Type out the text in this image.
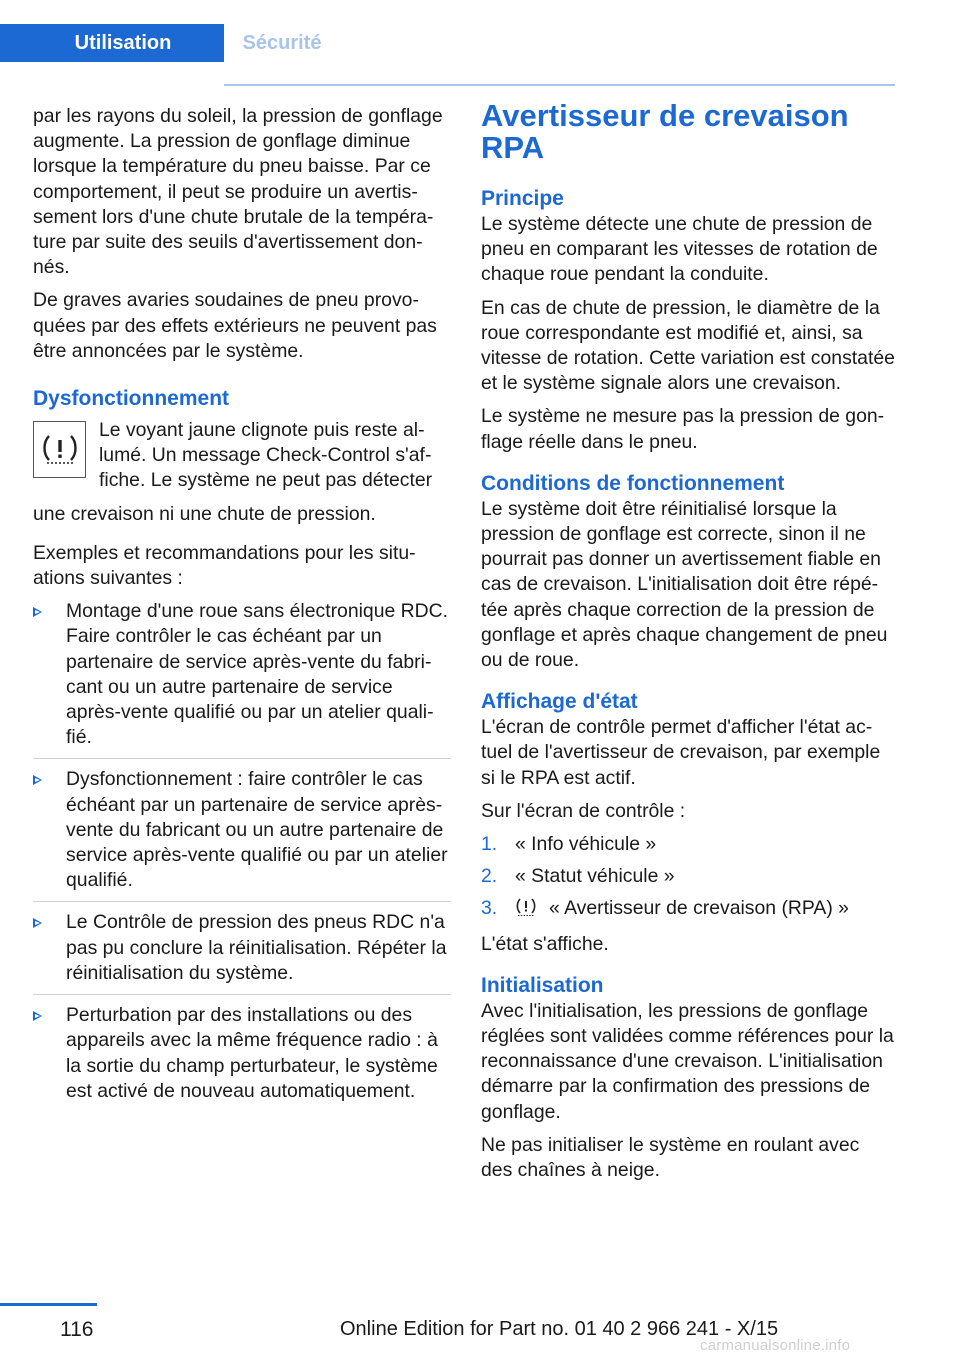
Utilisation	Sécurité

par les rayons du soleil, la pression de gonflage augmente. La pression de gonflage diminue lorsque la température du pneu baisse. Par ce comportement, il peut se produire un avertissement lors d'une chute brutale de la température par suite des seuils d'avertissement donnés.

De graves avaries soudaines de pneu provoquées par des effets extérieurs ne peuvent pas être annoncées par le système.

Dysfonctionnement

Le voyant jaune clignote puis reste allumé. Un message Check-Control s'affiche. Le système ne peut pas détecter

une crevaison ni une chute de pression.

Exemples et recommandations pour les situations suivantes :

Montage d'une roue sans électronique RDC. Faire contrôler le cas échéant par un partenaire de service après-vente du fabricant ou un autre partenaire de service après-vente qualifié ou par un atelier qualifié.
Dysfonctionnement : faire contrôler le cas échéant par un partenaire de service après-vente du fabricant ou un autre partenaire de service après-vente qualifié ou par un atelier qualifié.
Le Contrôle de pression des pneus RDC n'a pas pu conclure la réinitialisation. Répéter la réinitialisation du système.
Perturbation par des installations ou des appareils avec la même fréquence radio : à la sortie du champ perturbateur, le système est activé de nouveau automatiquement.
Avertisseur de crevaison RPA
Principe

Le système détecte une chute de pression de pneu en comparant les vitesses de rotation de chaque roue pendant la conduite.

En cas de chute de pression, le diamètre de la roue correspondante est modifié et, ainsi, sa vitesse de rotation. Cette variation est constatée et le système signale alors une crevaison.

Le système ne mesure pas la pression de gonflage réelle dans le pneu.

Conditions de fonctionnement

Le système doit être réinitialisé lorsque la pression de gonflage est correcte, sinon il ne pourrait pas donner un avertissement fiable en cas de crevaison. L'initialisation doit être répétée après chaque correction de la pression de gonflage et après chaque changement de pneu ou de roue.

Affichage d'état

L'écran de contrôle permet d'afficher l'état actuel de l'avertisseur de crevaison, par exemple si le RPA est actif.

Sur l'écran de contrôle :

1. « Info véhicule »
2. « Statut véhicule »
3.	« Avertisseur de crevaison (RPA) »

L'état s'affiche.

Initialisation

Avec l'initialisation, les pressions de gonflage réglées sont validées comme références pour la reconnaissance d'une crevaison. L'initialisation démarre par la confirmation des pressions de gonflage.

Ne pas initialiser le système en roulant avec des chaînes à neige.

116	Online Edition for Part no. 01 40 2 966 241 - X/15
carmanualsonline.info
